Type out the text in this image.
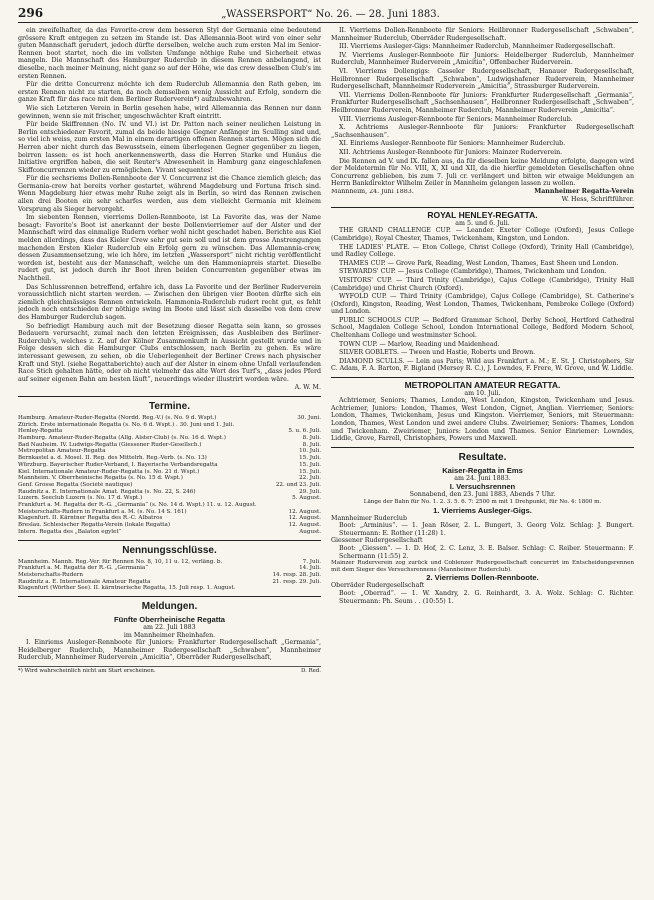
296	„WASSERSPORT“ No. 26. — 28. Juni 1883.

ein zweifelhafter, da das Favorite-crew dem besseren Styl der Germania eine bedeutend grössere Kraft entgegen zu setzen im Stande ist. Das Allemannia-Boot wird von einer sehr guten Mannschaft gerudert, jedoch dürfte derselben, welche auch zum ersten Mal im Senior-Rennen boot startet, noch die im vollsten Umfange nöthige Ruhe und Sicherheit etwas mangeln. Die Mannschaft des Hamburger Ruderclub in diesem Rennen anbelangend, ist dieselbe, nach meiner Meinung, nicht ganz so auf der Höhe, wie das crew desselben Club's im ersten Rennen.

Für die dritte Concurrenz möchte ich dem Ruderclub Allemannia den Rath geben, im ersten Rennen nicht zu starten, da noch demselben wenig Aussicht auf Erfolg, sondern die ganze Kraft für das race mit dem Berliner Ruderverein*) aufzubewahren.

Wie sich Letzteren Verein in Berlin gesehen habe, wird Allemannia das Rennen nur dann gewinnen, wenn sie mit frischer, ungeschwächter Kraft eintritt.

Für beide Skiffrennen (No. IV. und VI.) ist Dr. Patton nach seiner neulichen Leistung in Berlin entschiedener Favorit, zumal da beide hiesige Gegner Anfänger im Sculling sind und, so viel ich weiss, zum ersten Mal in einem derartigen offenen Rennen starten. Mögen sich die Herren aber nicht durch das Bewusstsein, einem überlegenen Gegner gegenüber zu liegen, beirren lassen: es ist hoch anerkennenswerth, dass die Herren Starke und Hunäus die Initiative ergriffen haben, die seit Reuter's Abwesenheit in Hamburg ganz eingeschlafenen Skiffconcurrenzen wieder zu ermöglichen. Vivant sequentes!

Für die sechsriems Dollen-Rennboote der V. Concurrenz ist die Chance ziemlich gleich; das Germania-crew hat bereits vorher gestartet, während Magdeburg und Fortuna frisch sind. Wenn Magdeburg hier etwas mehr Ruhe zeigt als in Berlin, so wird das Rennen zwischen allen drei Booten ein sehr scharfes werden, aus dem vielleicht Germania mit kleinem Vorsprung als Sieger hervorgeht.

Im siebenten Rennen, vierriems Dollen-Rennboote, ist La Favorite das, was der Name besagt: Favorite's Boot ist anerkannt der beste Dollenvierriemer auf der Alster und der Mannschaft wird das einmalige Rudern vorher wohl nicht geschadet haben. Berichte aus Kiel melden allerdings, dass das Kieler Crew sehr gut sein soll und ist dem grosse Anstrengungen machenden Ersten Kieler Ruderclub ein Erfolg gern zu wünschen. Das Allemannia-crew, dessen Zusammensetzung, wie ich höre, im letzten „Wassersport“ nicht richtig veröffentlicht worden ist, besteht aus der Mannschaft, welche um den Hammoniapreis startet. Dieselbe rudert gut, ist jedoch durch ihr Boot ihren beiden Concurrenten gegenüber etwas im Nachtheil.

Das Schlussrennen betreffend, erfahre ich, dass La Favorite und der Berliner Ruderverein voraussichtlich nicht starten werden. — Zwischen den übrigen vier Booten dürfte sich ein ziemlich gleichmässiges Rennen entwickeln. Hammonia-Ruderclub rudert recht gut, es fehlt jedoch noch entschieden der nöthige swing im Boote und lässt sich dasselbe von dem crew des Hamburger Ruderclub sagen.

So befriedigt Hamburg auch mit der Besetzung dieser Regatta sein kann, so grosses Bedauern verursacht, zumal nach den letzten Ereignissen, das Ausbleiben des Berliner-Ruderclub's, welches z. Z. auf der Kölner Zusammenkunft in Aussicht gestellt wurde und in Folge dessen sich die Hamburger Clubs entschlossen, nach Berlin zu gehen. Es wäre interessant gewesen, zu sehen, ob die Ueberlegenheit der Berliner Crews nach physischer Kraft und Styl. (siehe Regattaberichte) auch auf der Alster in einem ohne Unfall verlaufenden Race Stich gehalten hätte, oder ob nicht vielmehr das alte Wort des Turf's, „dass jedes Pferd auf seiner eigenen Bahn am besten läuft“, neuerdings wieder illustrirt worden wäre.

A. W. M.
Termine.
Hamburg. Amateur-Ruder-Regatta (Nordd. Reg.-V.) (s. No. 9 d. Wspt.)	30. Juni.
Zürich. Erste internationale Regatta (s. No. 6 d. Wspt.) . 30. Juni und 1. Juli.
Henley-Regatta	5. u. 6. Juli.
Hamburg. Amateur-Ruder-Regatta (Allg. Alster-Club) (s. No. 16 d. Wspt.)	8. Juli.
Bad Nauheim. IV. Ludwigs-Regatta (Giessener Ruder-Gesellsch.)	8. Juli.
Metropolitan Amateur-Regatta	10. Juli.
Bernkastel a. d. Mosel. II. Reg. des Mittelrh. Reg.-Verb. (s. No. 13)	15. Juli.
Würzburg. Bayerischer Ruder-Verband, I. Bayerische Verbandsregatta	15. Juli.
Kiel. Internationale Amateur-Ruder-Regatta (s. No. 21 d. Wspt.)	15. Juli.
Mannheim. V. Oberrheinische Regatta (s. No. 15 d. Wspt.)	22. Juli.
Genf. Grosse Regatta (Société nautique)	22. und 23. Juli.
Raudnitz a. E. Internationale Amat. Regatta (s. No. 22, S. 246)	29. Juli.
Luzern. Seeclub Luzern (s. No. 17 d. Wspt.)	5. August.
Frankfurt a. M. Regatta der R.-G. „Germania“ (s. No. 14 d. Wspt.) 11. u. 12. August.
Meisterschafts-Rudern in Frankfurt a. M. (s. No. 14 S. 161)	12. August.
Klagenfurt. II. Kärntner Regatta des R.-C. Albatros	12. August.
Breslau. Schlesischer Regatta-Verein (lokale Regatta)	12. August.
Intern. Regatta des „Balaton egylet“	August.
Nennungsschlüsse.
Mannheim. Mannh. Reg.-Ver. für Rennen No. 8, 10, 11 u. 12, verläng. b.	7. Juli.
Frankfurt a. M. Regatta der R.-G. „Germania“	14. Juli.
Meisterschafts-Rudern	14. resp. 28. Juli.
Raudnitz a. E. Internationale Amateur Regatta	21. resp. 29. Juli.
Klagenfurt (Wörther See). II. kärntnerische Regatta, 15. Juli resp. 1. August.
Meldungen.
Fünfte Oberrheinische Regatta
am 22. Juli 1883
im Mannheimer Rheinhafen.

I. Einriems Ausleger-Rennboote für Juniors: Frankfurter Rudergesellschaft „Germania“, Heidelberger Ruderclub, Mannheimer Rudergesellschaft „Schwaben“, Mannheimer Ruderclub, Mannheimer Ruderverein „Amicitia“, Oberräder Rudergesellschaft,

*) Wird wahrscheinlich nicht am Start erscheinen.	D. Red.

II. Vierriems Dollen-Rennboote für Seniors: Heilbronner Rudergesellschaft „Schwaben“, Mannheimer Ruderclub, Oberräder Rudergesellschaft.

III. Vierriems Ausleger-Gigs: Mannheimer Ruderclub, Mannheimer Rudergesellschaft.

IV. Vierriems Ausleger-Rennboote für Juniors: Heidelberger Ruderclub, Mannheimer Ruderclub, Mannheimer Ruderverein „Amicitia“, Offenbacher Ruderverein.

VI. Vierriems Dollengigs: Casseler Rudergesellschaft, Hanauer Rudergesellschaft, Heilbronner Rudergesellschaft „Schwaben“, Ludwigshafener Ruderverein, Mannheimer Rudergesellschaft, Mannheimer Ruderverein „Amicitia“, Strassburger Ruderverein.

VII. Vierriems Dollen-Rennboote für Juniors: Frankfurter Rudergesellschaft „Germania“, Frankfurter Rudergesellschaft „Sachsenhausen“, Heilbronner Rudergesellschaft „Schwaben“, Heilbronner Ruderverein, Mannheimer Ruderclub, Mannheimer Ruderverein „Amicitia“.

VIII. Vierriems Ausleger-Rennboote für Seniors: Mannheimer Ruderclub.

X. Achtriems Ausleger-Rennboote für Juniors: Frankfurter Rudergesellschaft „Sachsenhausen“.

XI. Einriems Ausleger-Rennboote für Seniors: Mannheimer Ruderclub.

XII. Achtriems Ausleger-Rennboote für Juniors: Mainzer Ruderverein.

Die Rennen ad V. und IX. fallen aus, da für dieselben keine Meldung erfolgte, dagegen wird der Meldetermin für No. VIII, X, XI und XII, da die hierfür gemeldeten Gesellschaften ohne Concurrenz geblieben, bis zum 7. Juli cr. verlängert und bitten wir etwaige Meldungen an Herrn Bankdirektor Wilhelm Zeiler in Mannheim gelangen lassen zu wollen.

Mannheim, 24. Juni 1883.	Mannheimer Regatta-Verein
W. Hess, Schriftführer.
ROYAL HENLEY-REGATTA.
am 5. und 6. Juli.

THE GRAND CHALLENGE CUP. — Leander. Exeter College (Oxford), Jesus College (Cambridge), Royal Chester, Thames, Twickenham, Kingston, und London.

THE LADIES' PLATE. — Eton College, Christ College (Oxford), Trinity Hall (Cambridge), und Radley College.

THAMES CUP. — Grove Park, Reading, West London, Thames, East Sheen und London.

STEWARDS' CUP. — Jesus College (Cambridge), Thames, Twickenham und London.

VISITORS' CUP. — Third Trinity (Cambridge), Cajus College (Cambridge), Trinity Hall (Cambridge) und Christ Church (Oxford).

WYFOLD CUP. — Third Trinity (Cambridge), Cajus College (Cambridge), St. Catherine's (Oxford), Kingston, Reading, West London, Thames, Twickenham, Pembroke College (Oxford) und London.

PUBLIC SCHOOLS CUP. — Bedford Grammar School, Derby School, Hertford Cathedral School, Magdalen College School, London International College, Bedford Modern School, Cheltenham College und westminster School.

TOWN CUP. — Marlow, Reading und Maidenhead.

SILVER GOBLETS. — Tween und Hastie, Roberts und Brown.

DIAMOND SCULLS. — Lein aus Paris; Wild aus Frankfurt a. M.; E. St. J. Christophers, Sir C. Adam, F. A. Barton, F. Bigland (Mersey R. C.), J. Lowndes, F. Frere, W. Grove, und W. Liddle.

METROPOLITAN AMATEUR REGATTA.
am 10. Juli.

Achtriemer, Seniors; Thames, London, West London, Kingston, Twickenham und Jesus. Achtriemer, Juniors: London, Thames, West London, Cignet, Anglian. Vierriemer, Seniors: London, Thames, Twickenham, Jesus und Kingston. Vierriemer, Seniors, mit Steuermann: London, Thames, West London und zwei andere Clubs. Zweiriemer, Seniors: Thames, London und Twickenham. Zweiriemer, Juniors: London und Thames. Senior Einriemer: Lowndes, Liddle, Grove, Farrell, Christophers, Powers und Maxwell.

Resultate.
Kaiser-Regatta in Ems
am 24. Juni 1883.
I. Versuchsrennen
Sonnabend, den 23. Juni 1883, Abends 7 Uhr.
Länge der Bahn für No. 1. 2. 3. 5. 6. 7: 2500 m mit 1 Drehpunkt, für No. 4: 1800 m.
1. Vierriems Ausleger-Gigs.
Mannheimer Ruderclub
Boot: „Arminius“. — 1. Jean Röser, 2. L. Bungert, 3. Georg Volz. Schlag: J. Bungert. Steuermann: E. Rother (11:28) 1.
Giessener Rudergesellschaft
Boot: „Giessen“. — 1. D. Hof, 2. C. Lenz, 3. E. Balser. Schlag: C. Reiber. Steuermann: F. Schermann (11:55) 2.
Mainzer Ruderverein zog zurück und Coblenzer Rudergesellschaft concurrirt im Entscheidungsrennen mit dem Sieger des Versuchsrennens (Mannheimer Ruderclub).
2. Vierriems Dollen-Rennboote.
Oberräder Rudergesellschaft
Boot: „Oberrad“. — 1. W. Xandry, 2. G. Reinhardt, 3. A. Wolz. Schlag: C. Richter. Steuermann: Ph. Seum . . (10:55) 1.
